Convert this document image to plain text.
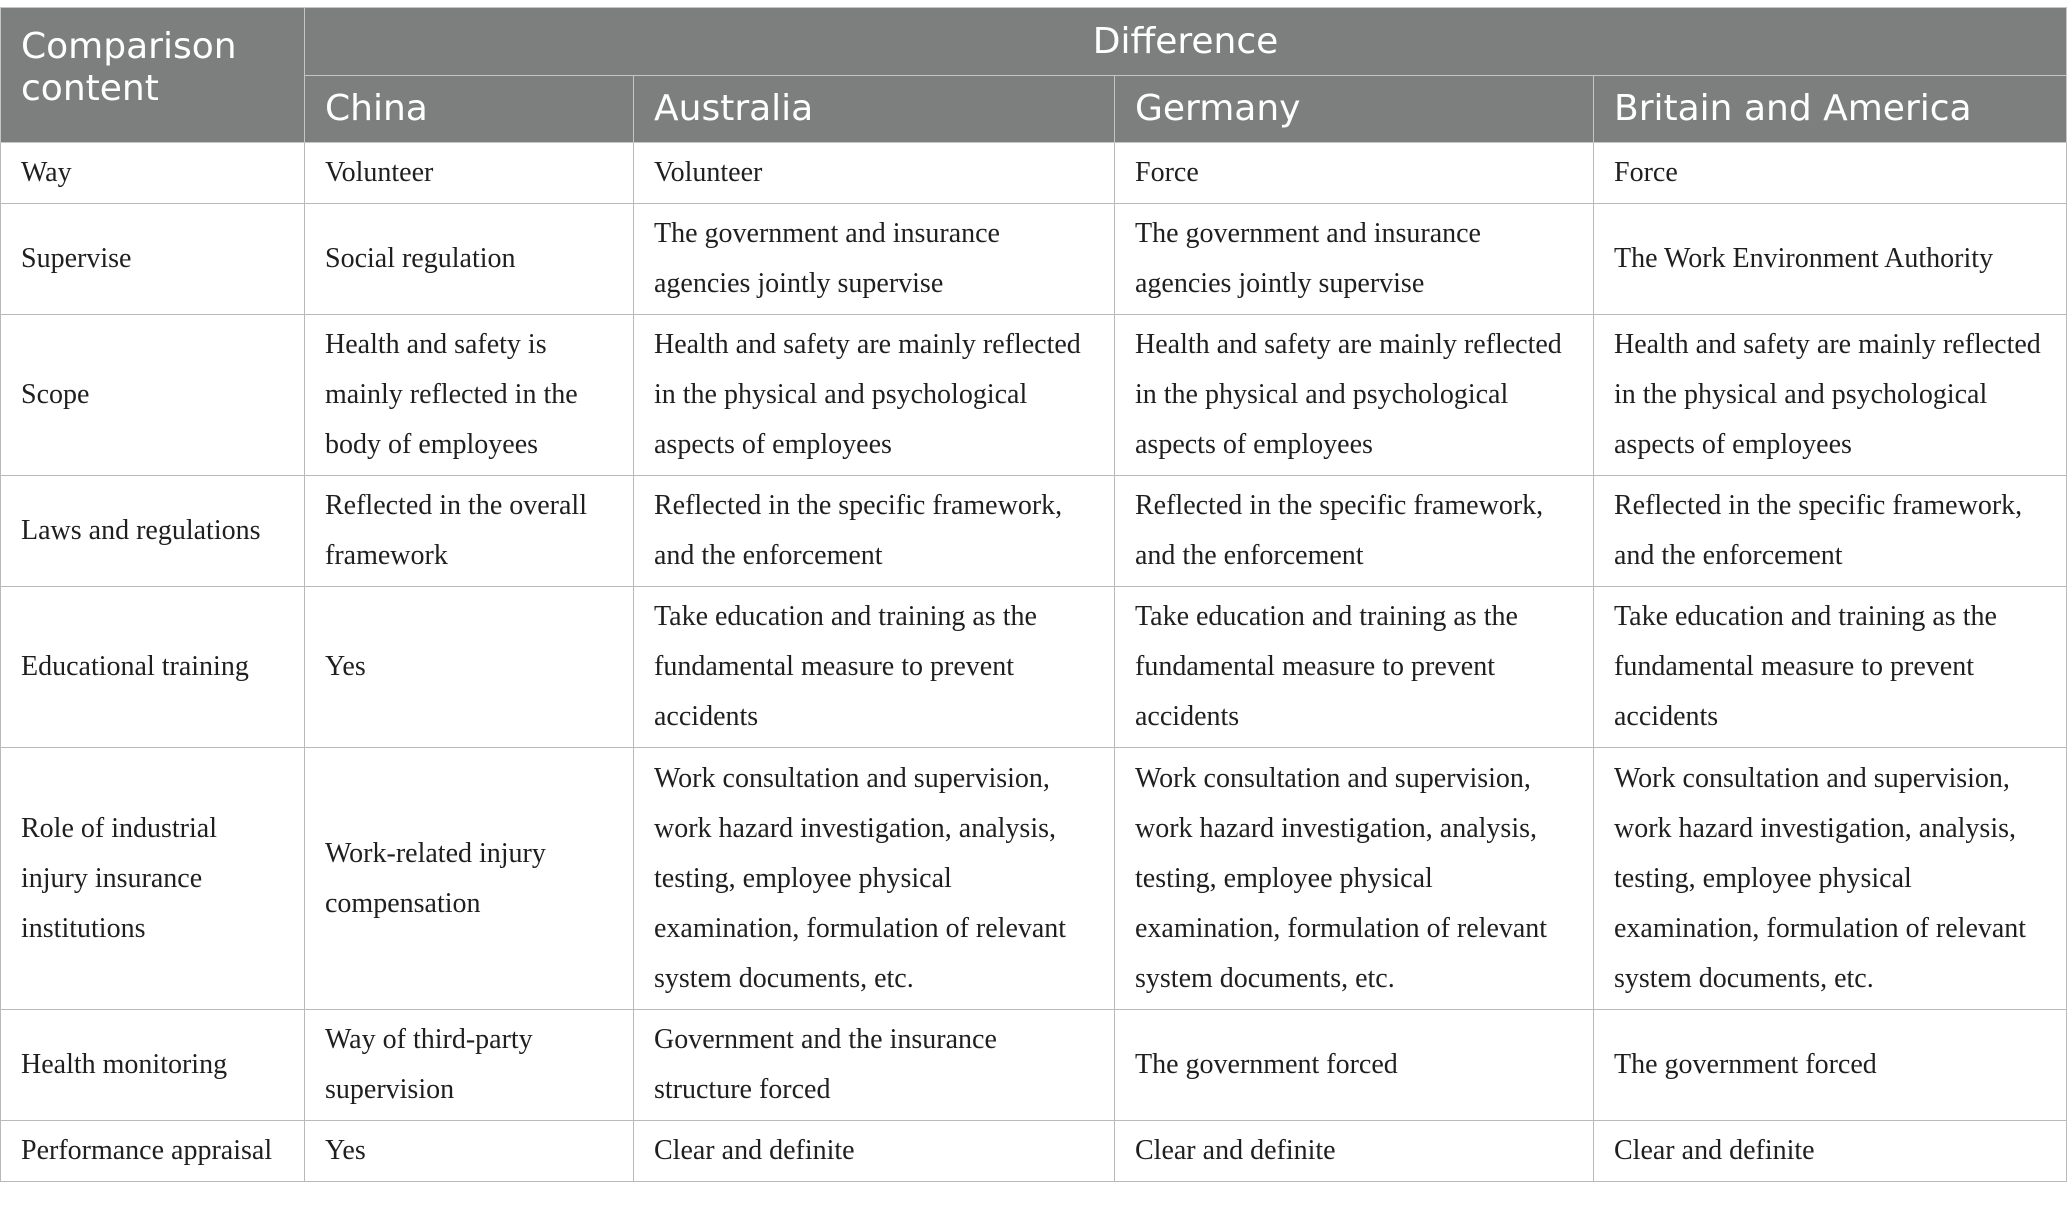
Comparison content	Difference			
	China	Australia	Germany	Britain and America
Way	Volunteer	Volunteer	Force	Force
Supervise	Social regulation	The government and insurance agencies jointly supervise	The government and insurance agencies jointly supervise	The Work Environment Authority
Scope	Health and safety is mainly reflected in the body of employees	Health and safety are mainly reflected in the physical and psychological aspects of employees	Health and safety are mainly reflected in the physical and psychological aspects of employees	Health and safety are mainly reflected in the physical and psychological aspects of employees
Laws and regulations	Reflected in the overall framework	Reflected in the specific framework, and the enforcement	Reflected in the specific framework, and the enforcement	Reflected in the specific framework, and the enforcement
Educational training	Yes	Take education and training as the fundamental measure to prevent accidents	Take education and training as the fundamental measure to prevent accidents	Take education and training as the fundamental measure to prevent accidents
Role of industrial injury insurance institutions	Work-related injury compensation	Work consultation and supervision, work hazard investigation, analysis, testing, employee physical examination, formulation of relevant system documents, etc.	Work consultation and supervision, work hazard investigation, analysis, testing, employee physical examination, formulation of relevant system documents, etc.	Work consultation and supervision, work hazard investigation, analysis, testing, employee physical examination, formulation of relevant system documents, etc.
Health monitoring	Way of third-party supervision	Government and the insurance structure forced	The government forced	The government forced
Performance appraisal	Yes	Clear and definite	Clear and definite	Clear and definite
